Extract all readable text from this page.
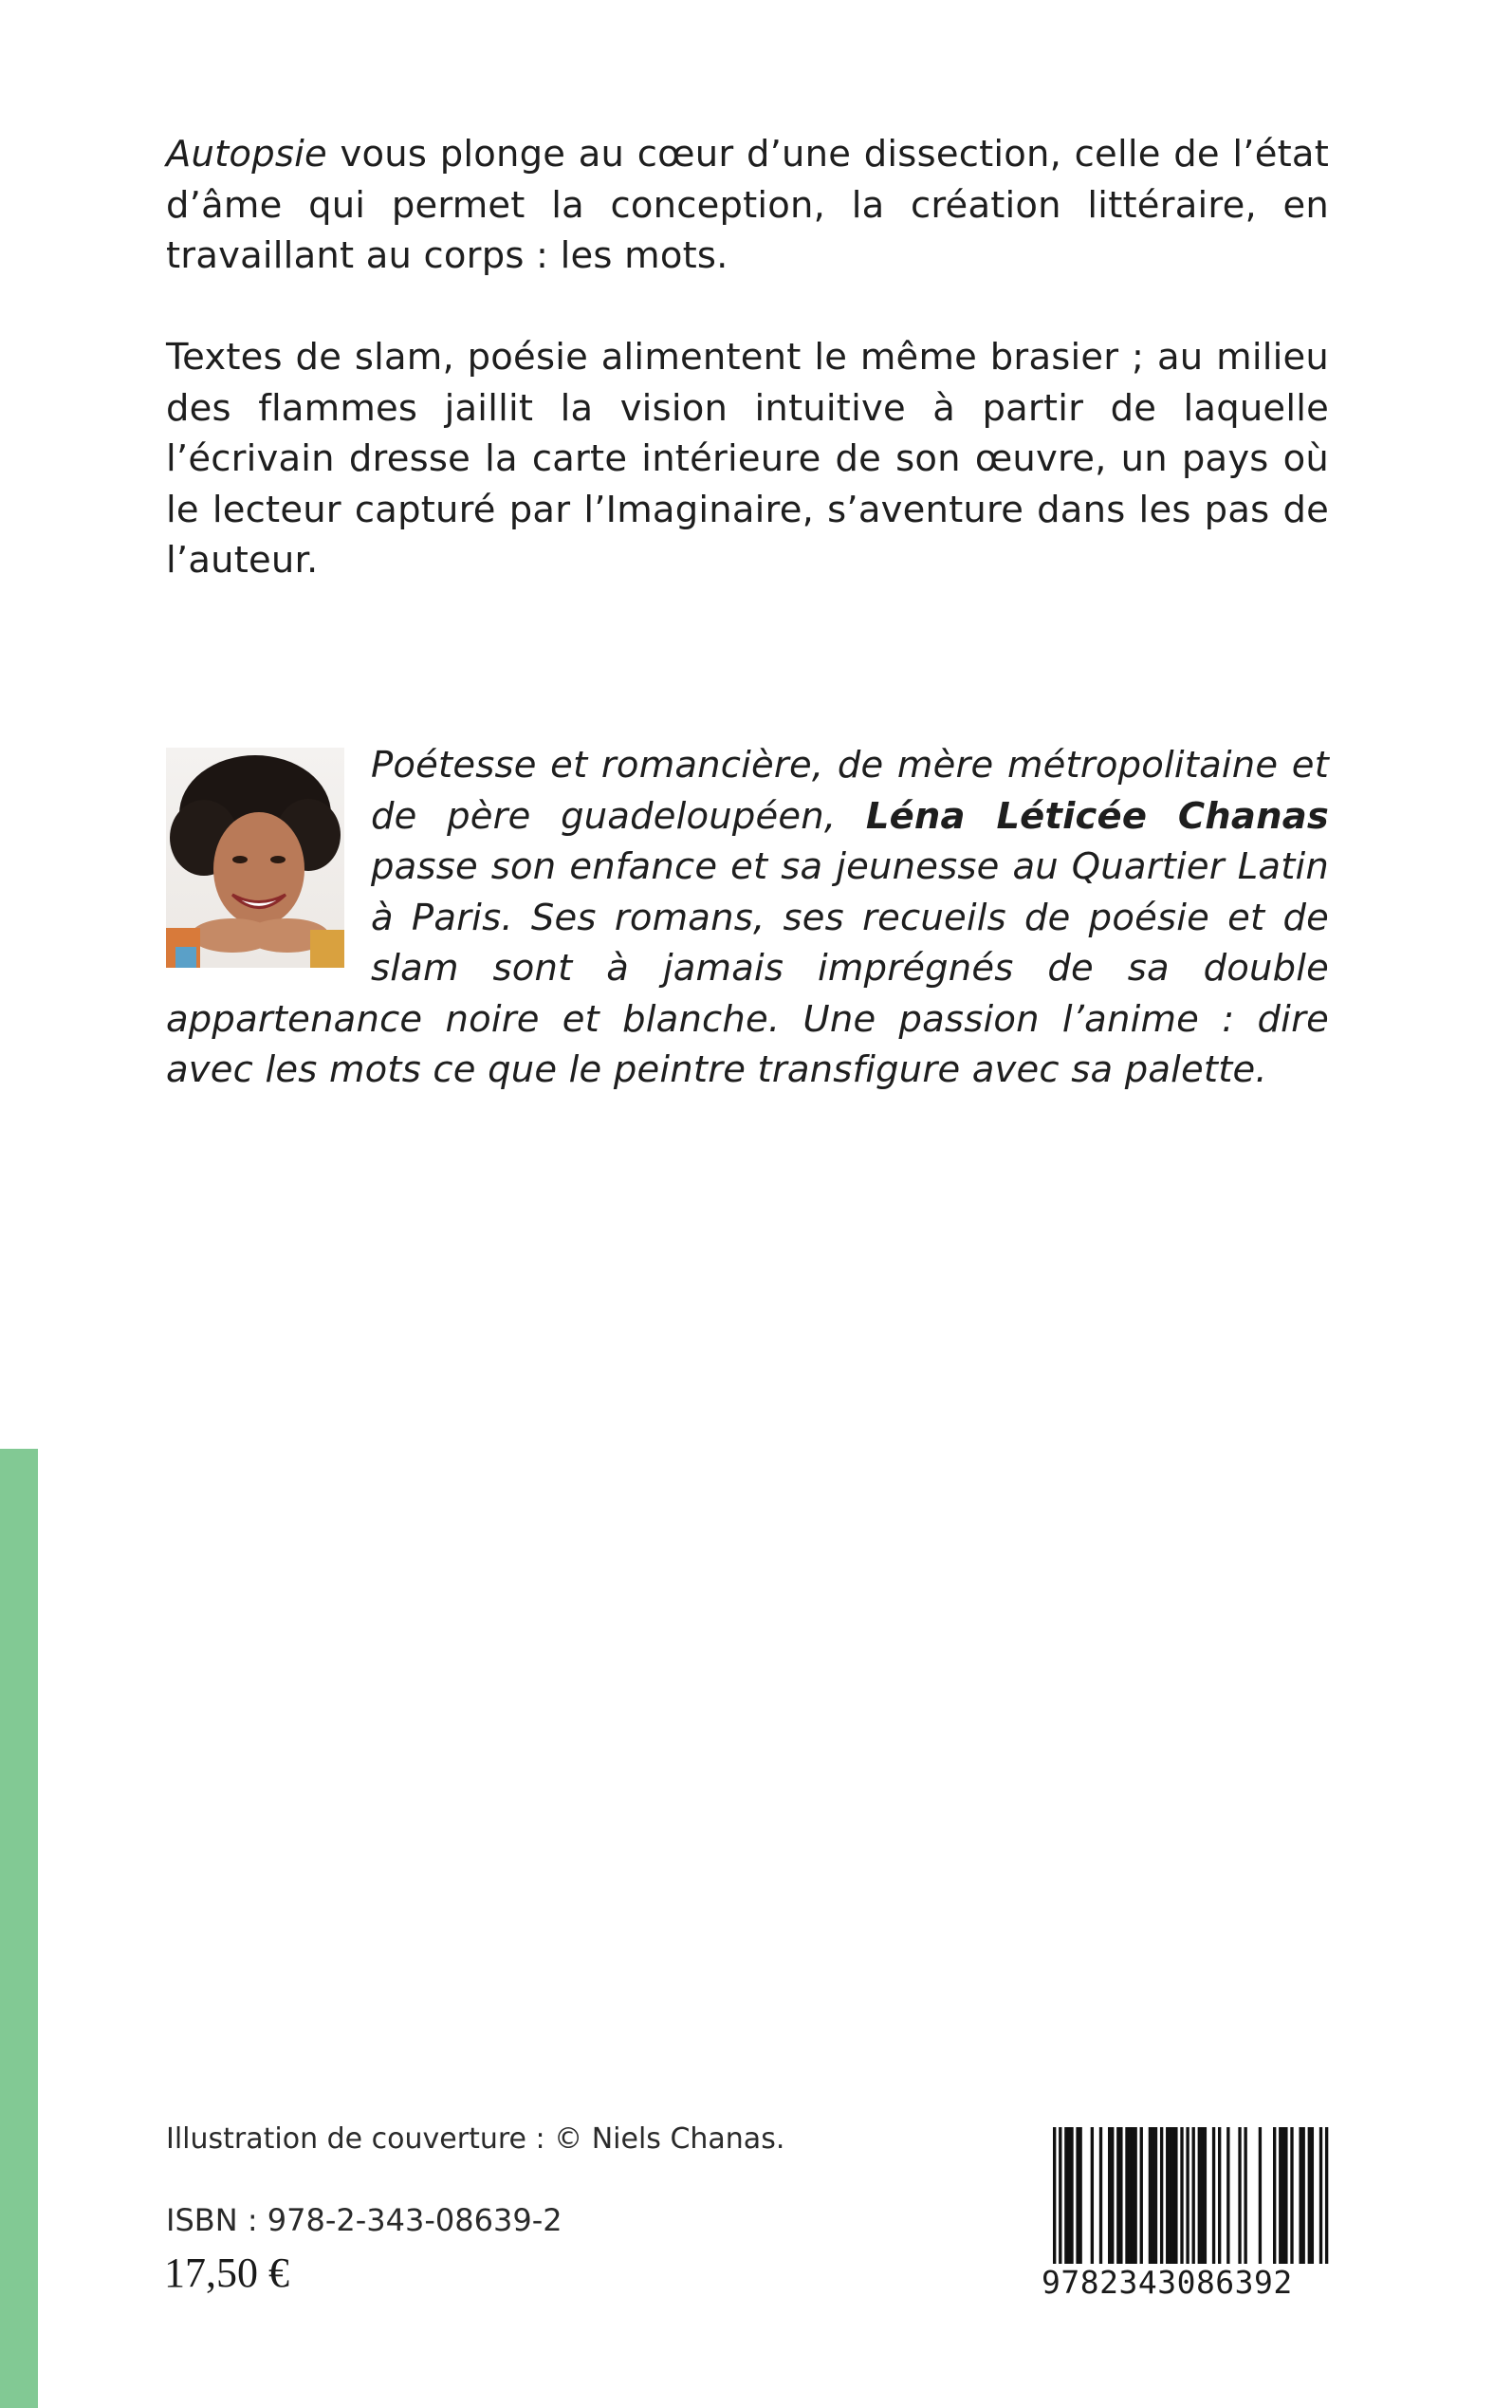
Autopsie vous plonge au cœur d’une dissection, celle de l’état d’âme qui permet la conception, la création littéraire, en travaillant au corps : les mots.

Textes de slam, poésie alimentent le même brasier ; au milieu des flammes jaillit la vision intuitive à partir de laquelle l’écrivain dresse la carte intérieure de son œuvre, un pays où le lecteur capturé par l’Imaginaire, s’aventure dans les pas de l’auteur.

Poétesse et romancière, de mère métropolitaine et de père guadeloupéen, Léna Léticée Chanas passe son enfance et sa jeunesse au Quartier Latin à Paris. Ses romans, ses recueils de poésie et de slam sont à jamais imprégnés de sa double appartenance noire et blanche. Une passion l’anime : dire avec les mots ce que le peintre transfigure avec sa palette.
Illustration de couverture : © Niels Chanas.
ISBN : 978-2-343-08639-2
17,50 €	9782343086392
